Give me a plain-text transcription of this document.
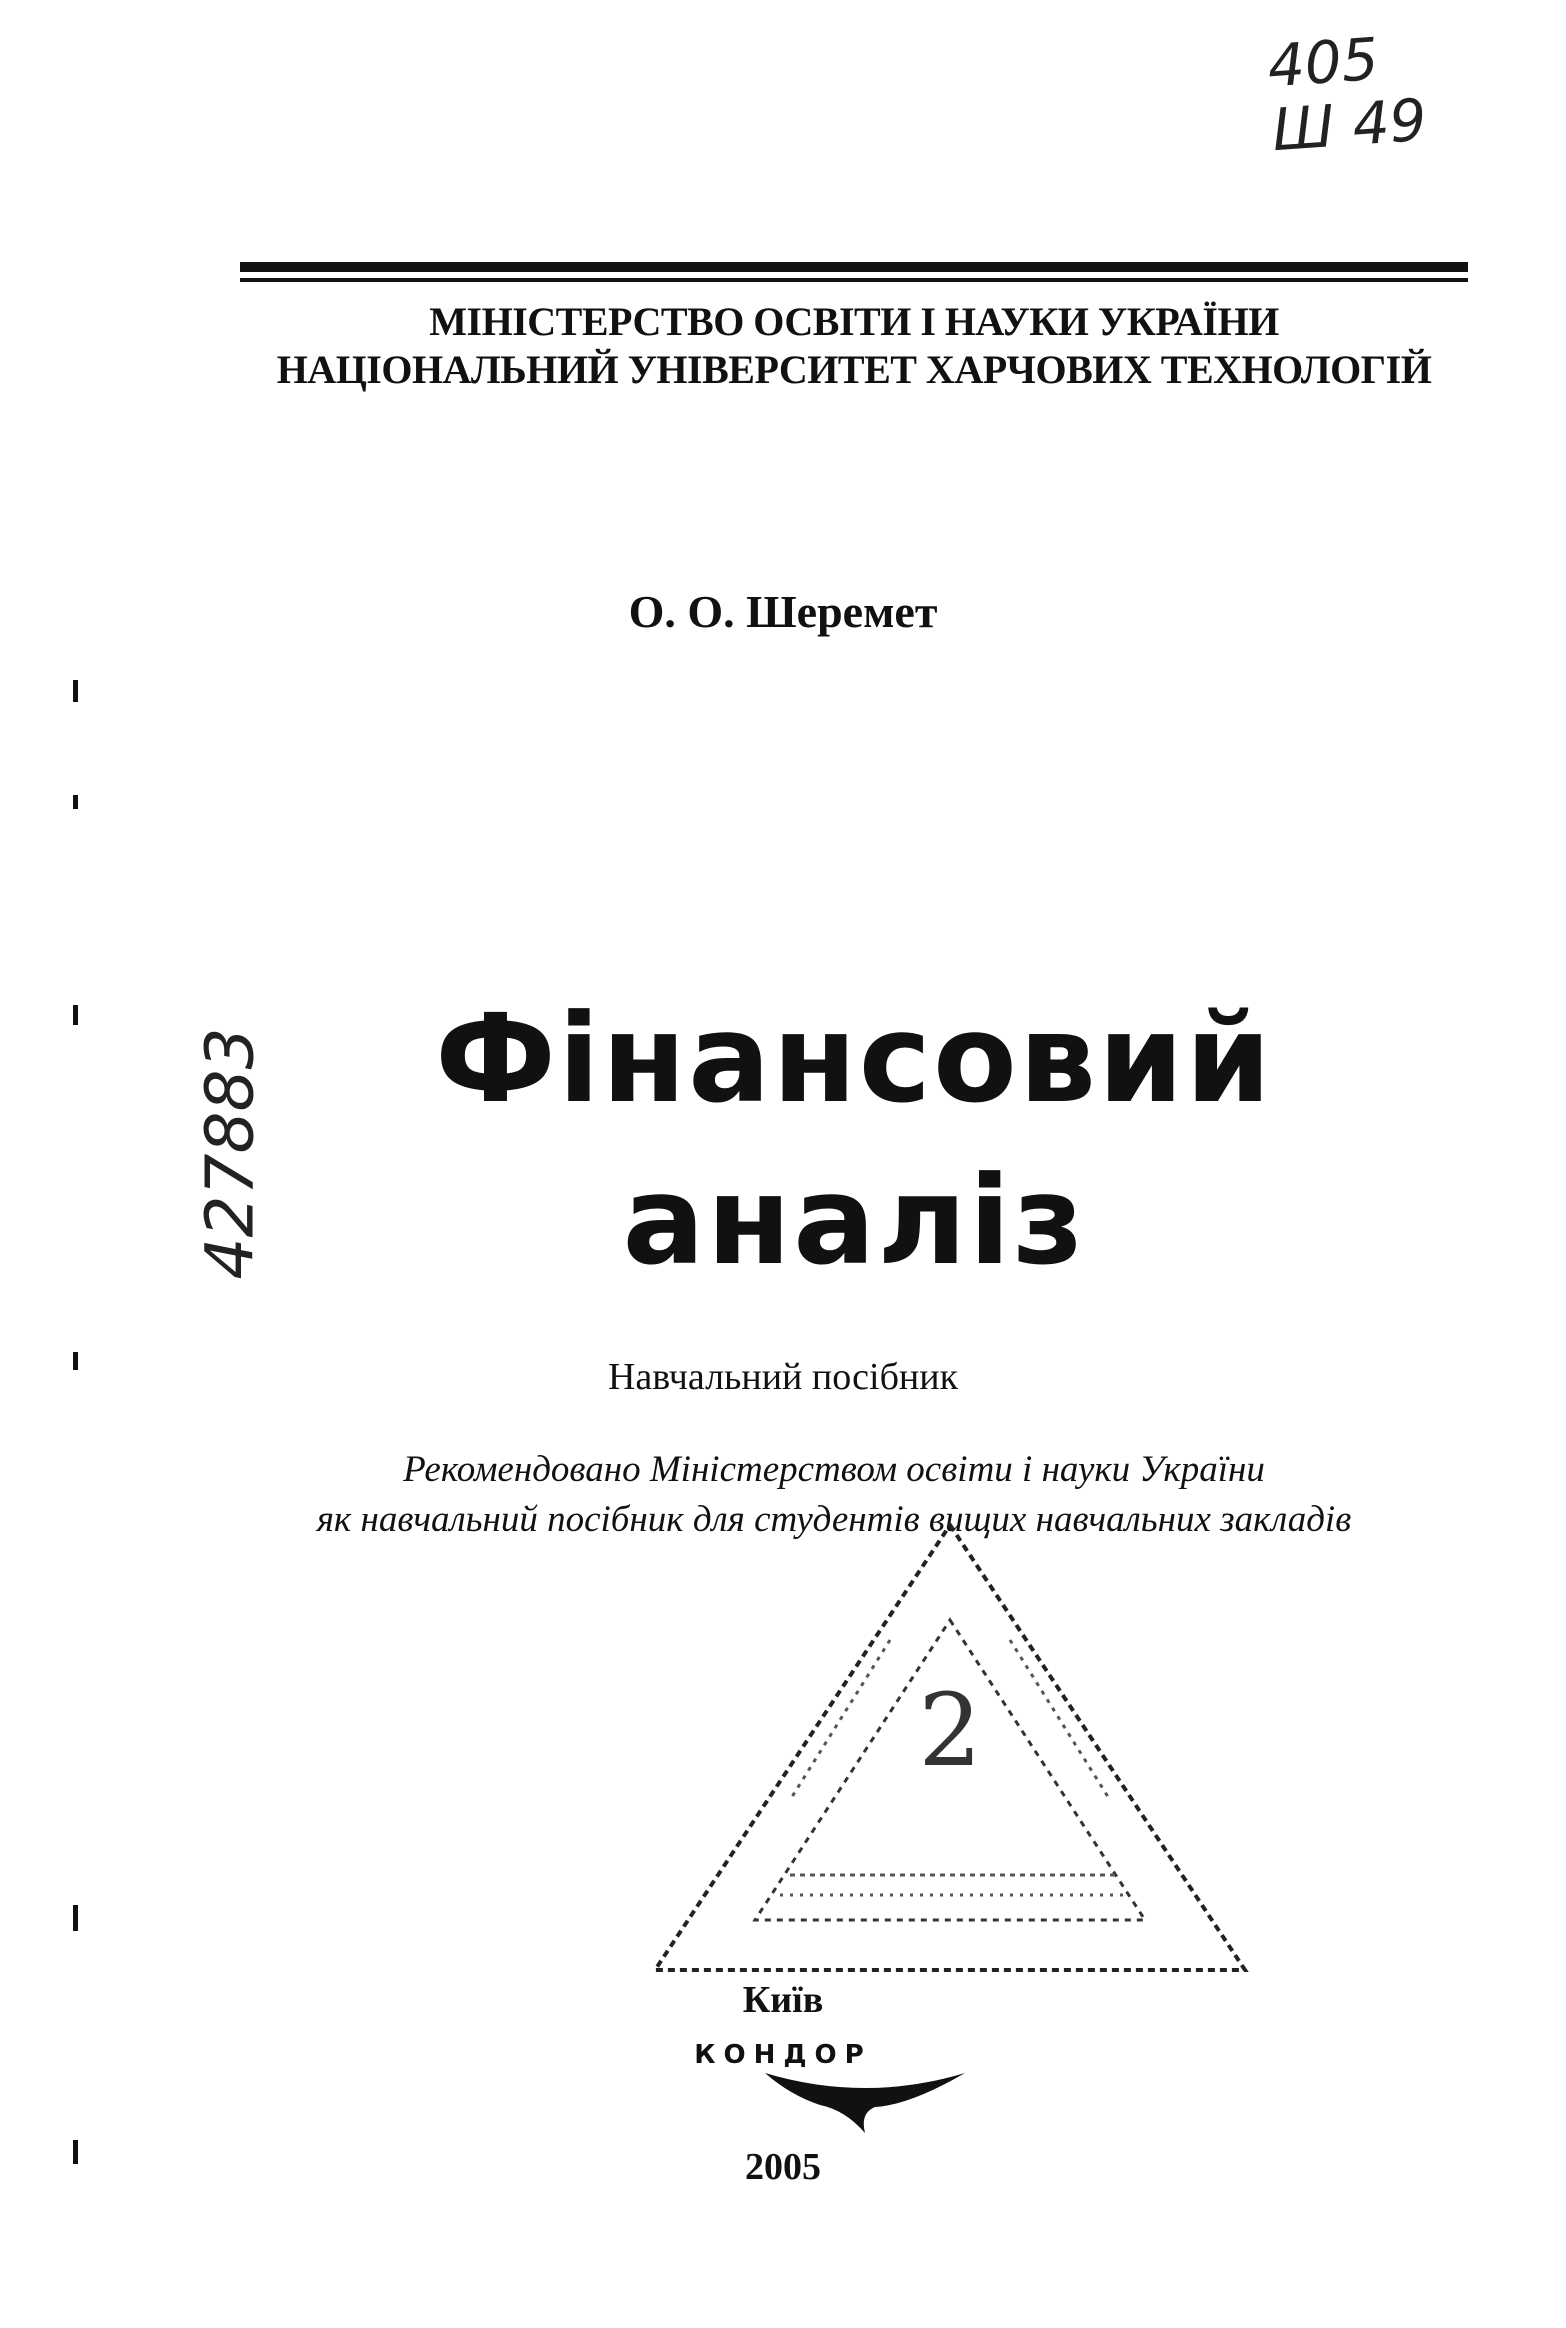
405
Ш 49
427883
МІНІСТЕРСТВО ОСВІТИ І НАУКИ УКРАЇНИ
НАЦІОНАЛЬНИЙ УНІВЕРСИТЕТ ХАРЧОВИХ ТЕХНОЛОГІЙ
О. О. Шеремет
Фінансовий
аналіз
Навчальний посібник
Рекомендовано Міністерством освіти і науки України
як навчальний посібник для студентів вищих навчальних закладів
2
Київ
КОНДОР
2005
